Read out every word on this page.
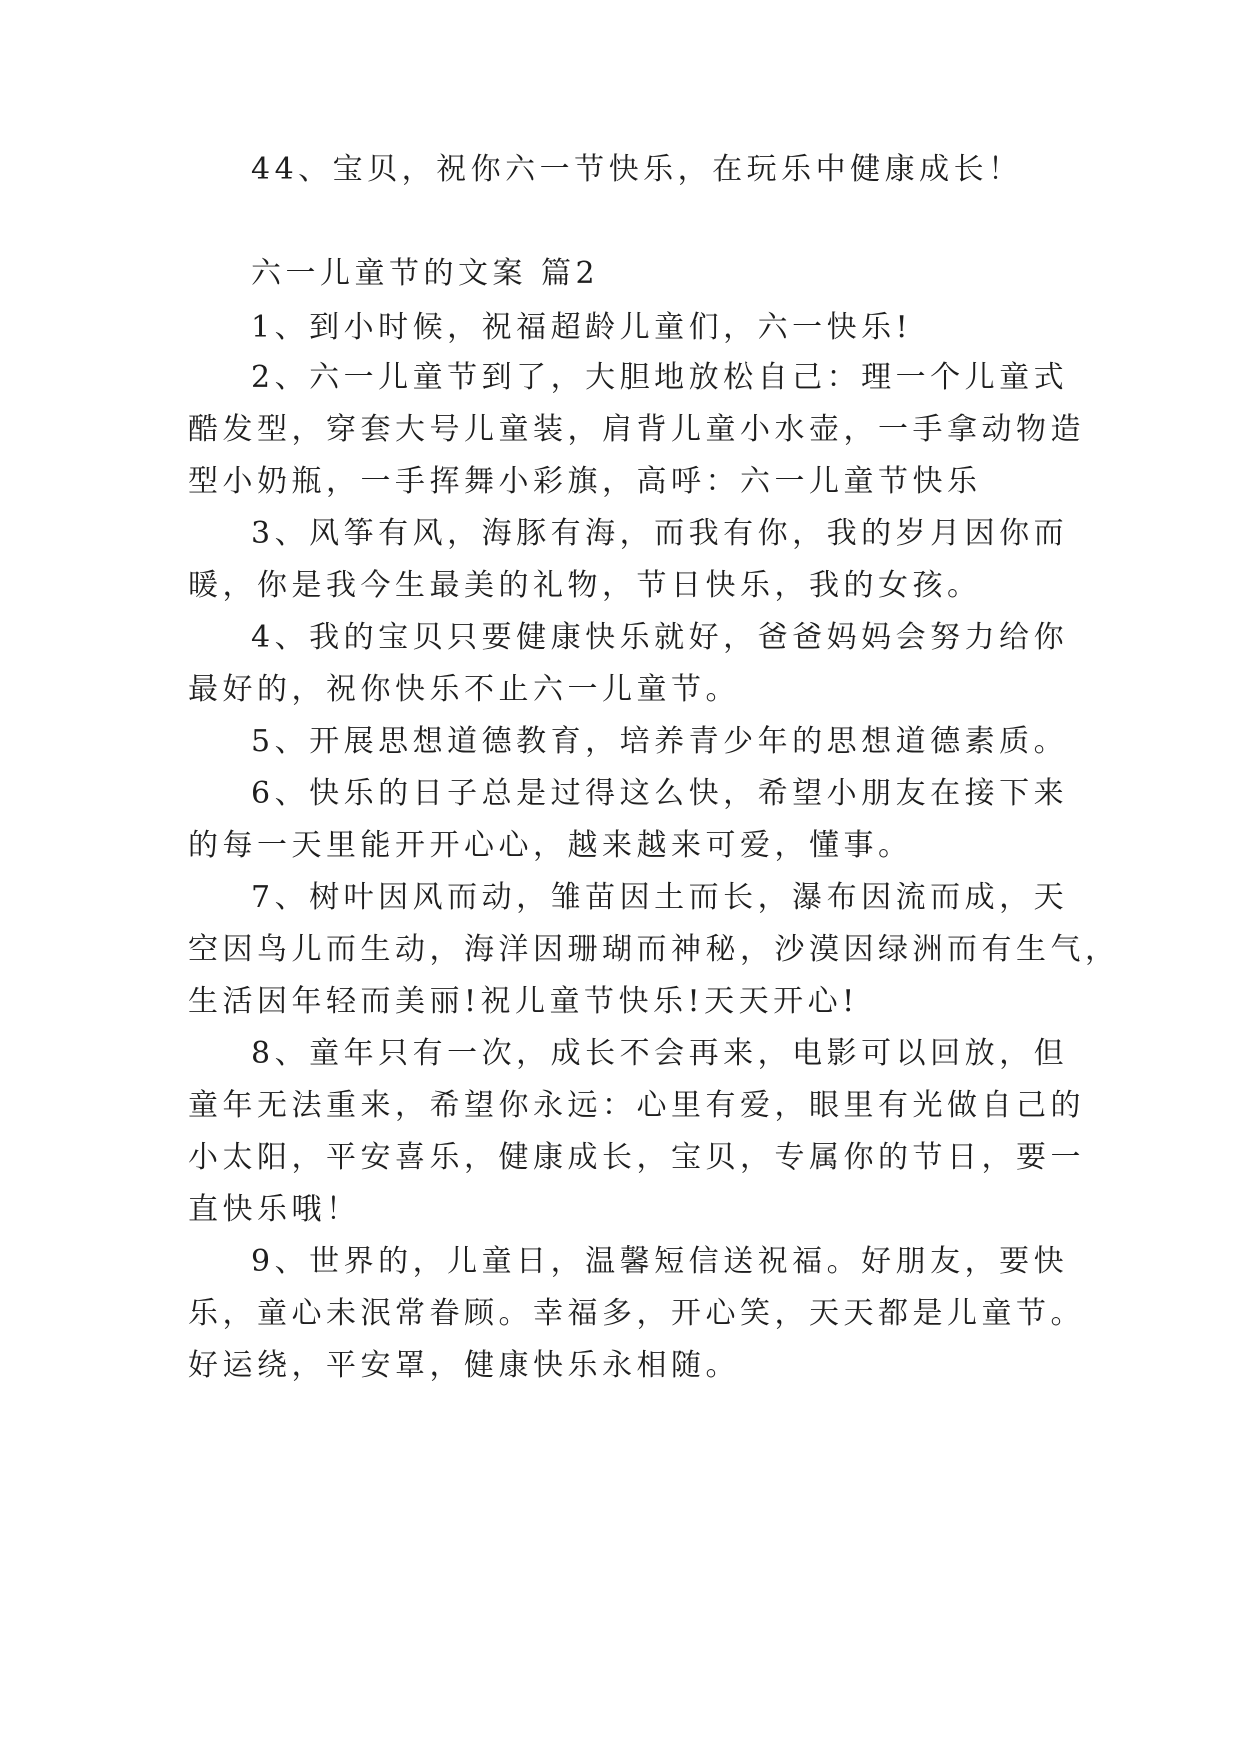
44、宝贝，祝你六一节快乐，在玩乐中健康成长！
六一儿童节的文案 篇2
1、到小时候，祝福超龄儿童们，六一快乐!
2、六一儿童节到了，大胆地放松自己：理一个儿童式
酷发型，穿套大号儿童装，肩背儿童小水壶，一手拿动物造
型小奶瓶，一手挥舞小彩旗，高呼：六一儿童节快乐
3、风筝有风，海豚有海，而我有你，我的岁月因你而
暖，你是我今生最美的礼物，节日快乐，我的女孩。
4、我的宝贝只要健康快乐就好，爸爸妈妈会努力给你
最好的，祝你快乐不止六一儿童节。
5、开展思想道德教育，培养青少年的思想道德素质。
6、快乐的日子总是过得这么快，希望小朋友在接下来
的每一天里能开开心心，越来越来可爱，懂事。
7、树叶因风而动，雏苗因土而长，瀑布因流而成，天
空因鸟儿而生动，海洋因珊瑚而神秘，沙漠因绿洲而有生气，
生活因年轻而美丽!祝儿童节快乐!天天开心!
8、童年只有一次，成长不会再来，电影可以回放，但
童年无法重来，希望你永远：心里有爱，眼里有光做自己的
小太阳，平安喜乐，健康成长，宝贝，专属你的节日，要一
直快乐哦！
9、世界的，儿童日，温馨短信送祝福。好朋友，要快
乐，童心未泯常眷顾。幸福多，开心笑，天天都是儿童节。
好运绕，平安罩，健康快乐永相随。
